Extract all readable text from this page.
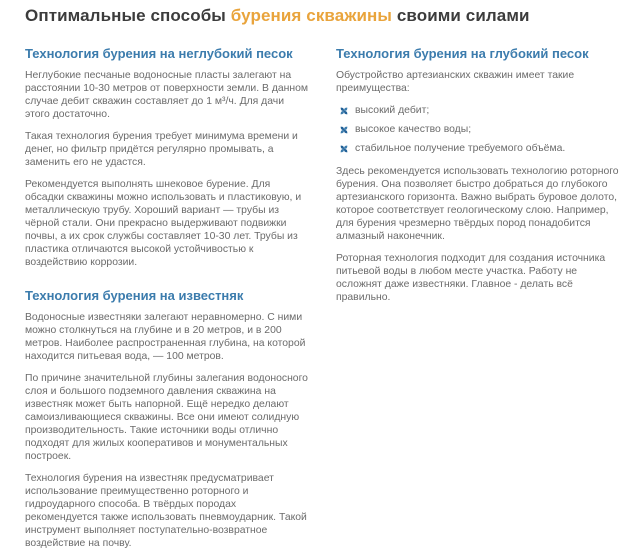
Оптимальные способы бурения скважины своими силами
Технология бурения на неглубокий песок

Неглубокие песчаные водоносные пласты залегают на расстоянии 10-30 метров от поверхности земли. В данном случае дебит скважин составляет до 1 м³/ч. Для дачи этого достаточно.

Такая технология бурения требует минимума времени и денег, но фильтр придётся регулярно промывать, а заменить его не удастся.

Рекомендуется выполнять шнековое бурение. Для обсадки скважины можно использовать и пластиковую, и металлическую трубу. Хороший вариант — трубы из чёрной стали. Они прекрасно выдерживают подвижки почвы, а их срок службы составляет 10-30 лет. Трубы из пластика отличаются высокой устойчивостью к воздействию коррозии.

Технология бурения на известняк

Водоносные известняки залегают неравномерно. С ними можно столкнуться на глубине и в 20 метров, и в 200 метров. Наиболее распространенная глубина, на которой находится питьевая вода, — 100 метров.

По причине значительной глубины залегания водоносного слоя и большого подземного давления скважина на известняк может быть напорной. Ещё нередко делают самоизливающиеся скважины. Все они имеют солидную производительность. Такие источники воды отлично подходят для жилых кооперативов и монументальных построек.

Технология бурения на известняк предусматривает использование преимущественно роторного и гидроударного способа. В твёрдых породах рекомендуется также использовать пневмоударник. Такой инструмент выполняет поступательно-возвратное воздействие на почву.

Технология бурения на глубокий песок

Обустройство артезианских скважин имеет такие преимущества:

высокий дебит;
высокое качество воды;
стабильное получение требуемого объёма.

Здесь рекомендуется использовать технологию роторного бурения. Она позволяет быстро добраться до глубокого артезианского горизонта. Важно выбрать буровое долото, которое соответствует геологическому слою. Например, для бурения чрезмерно твёрдых пород понадобится алмазный наконечник.

Роторная технология подходит для создания источника питьевой воды в любом месте участка. Работу не осложнят даже известняки. Главное - делать всё правильно.
